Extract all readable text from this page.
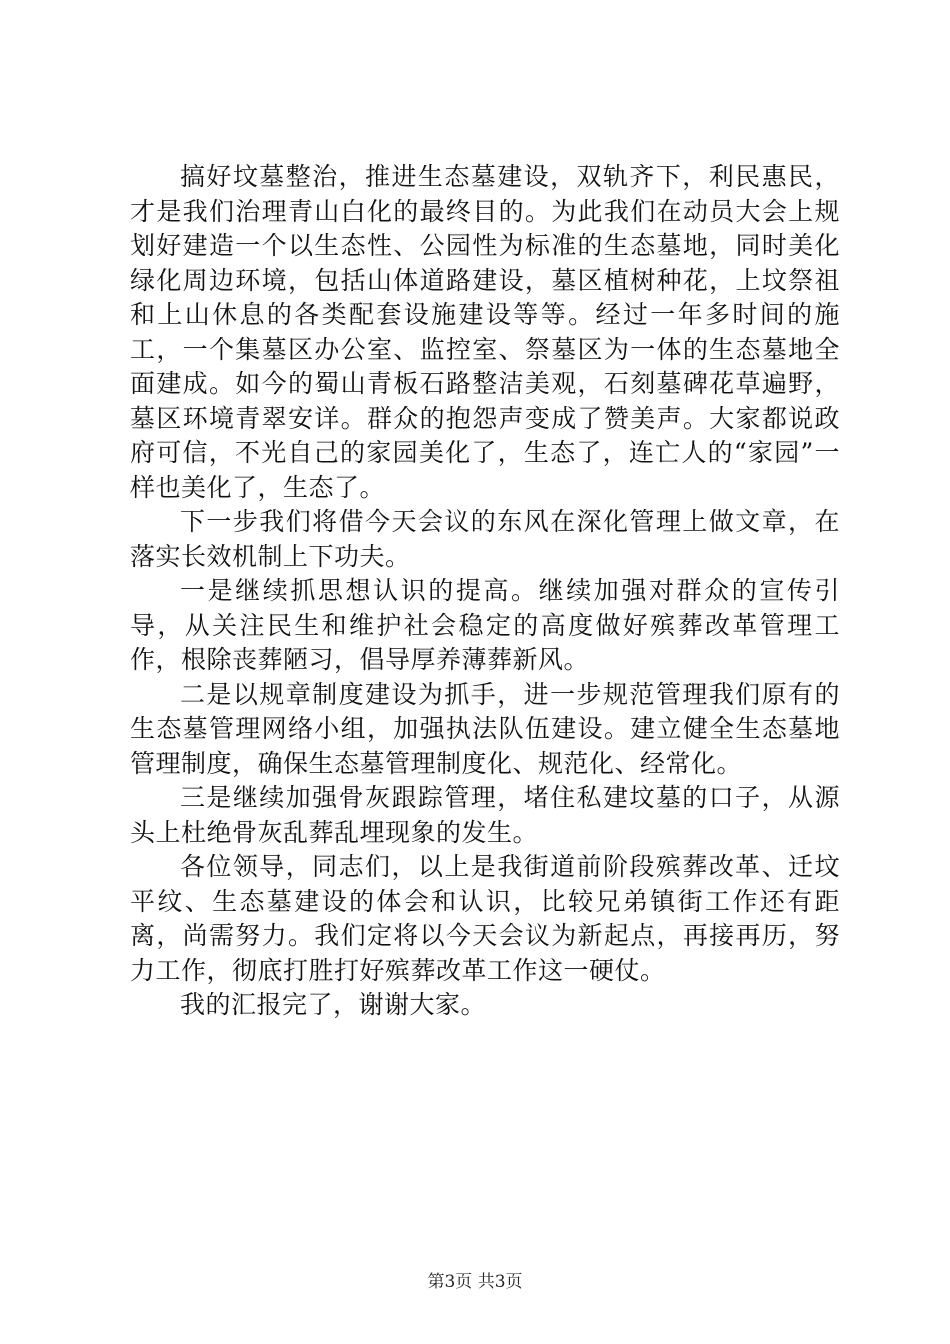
搞好坟墓整治，推进生态墓建设，双轨齐下，利民惠民，才是我们治理青山白化的最终目的。为此我们在动员大会上规划好建造一个以生态性、公园性为标准的生态墓地，同时美化绿化周边环境，包括山体道路建设，墓区植树种花，上坟祭祖和上山休息的各类配套设施建设等等。经过一年多时间的施工，一个集墓区办公室、监控室、祭墓区为一体的生态墓地全面建成。如今的蜀山青板石路整洁美观，石刻墓碑花草遍野，墓区环境青翠安详。群众的抱怨声变成了赞美声。大家都说政府可信，不光自己的家园美化了，生态了，连亡人的“家园”一样也美化了，生态了。

下一步我们将借今天会议的东风在深化管理上做文章，在落实长效机制上下功夫。

一是继续抓思想认识的提高。继续加强对群众的宣传引导，从关注民生和维护社会稳定的高度做好殡葬改革管理工作，根除丧葬陋习，倡导厚养薄葬新风。

二是以规章制度建设为抓手，进一步规范管理我们原有的生态墓管理网络小组，加强执法队伍建设。建立健全生态墓地管理制度，确保生态墓管理制度化、规范化、经常化。

三是继续加强骨灰跟踪管理，堵住私建坟墓的口子，从源头上杜绝骨灰乱葬乱埋现象的发生。

各位领导，同志们，以上是我街道前阶段殡葬改革、迁坟平纹、生态墓建设的体会和认识，比较兄弟镇街工作还有距离，尚需努力。我们定将以今天会议为新起点，再接再历，努力工作，彻底打胜打好殡葬改革工作这一硬仗。

我的汇报完了，谢谢大家。

第3页 共3页
